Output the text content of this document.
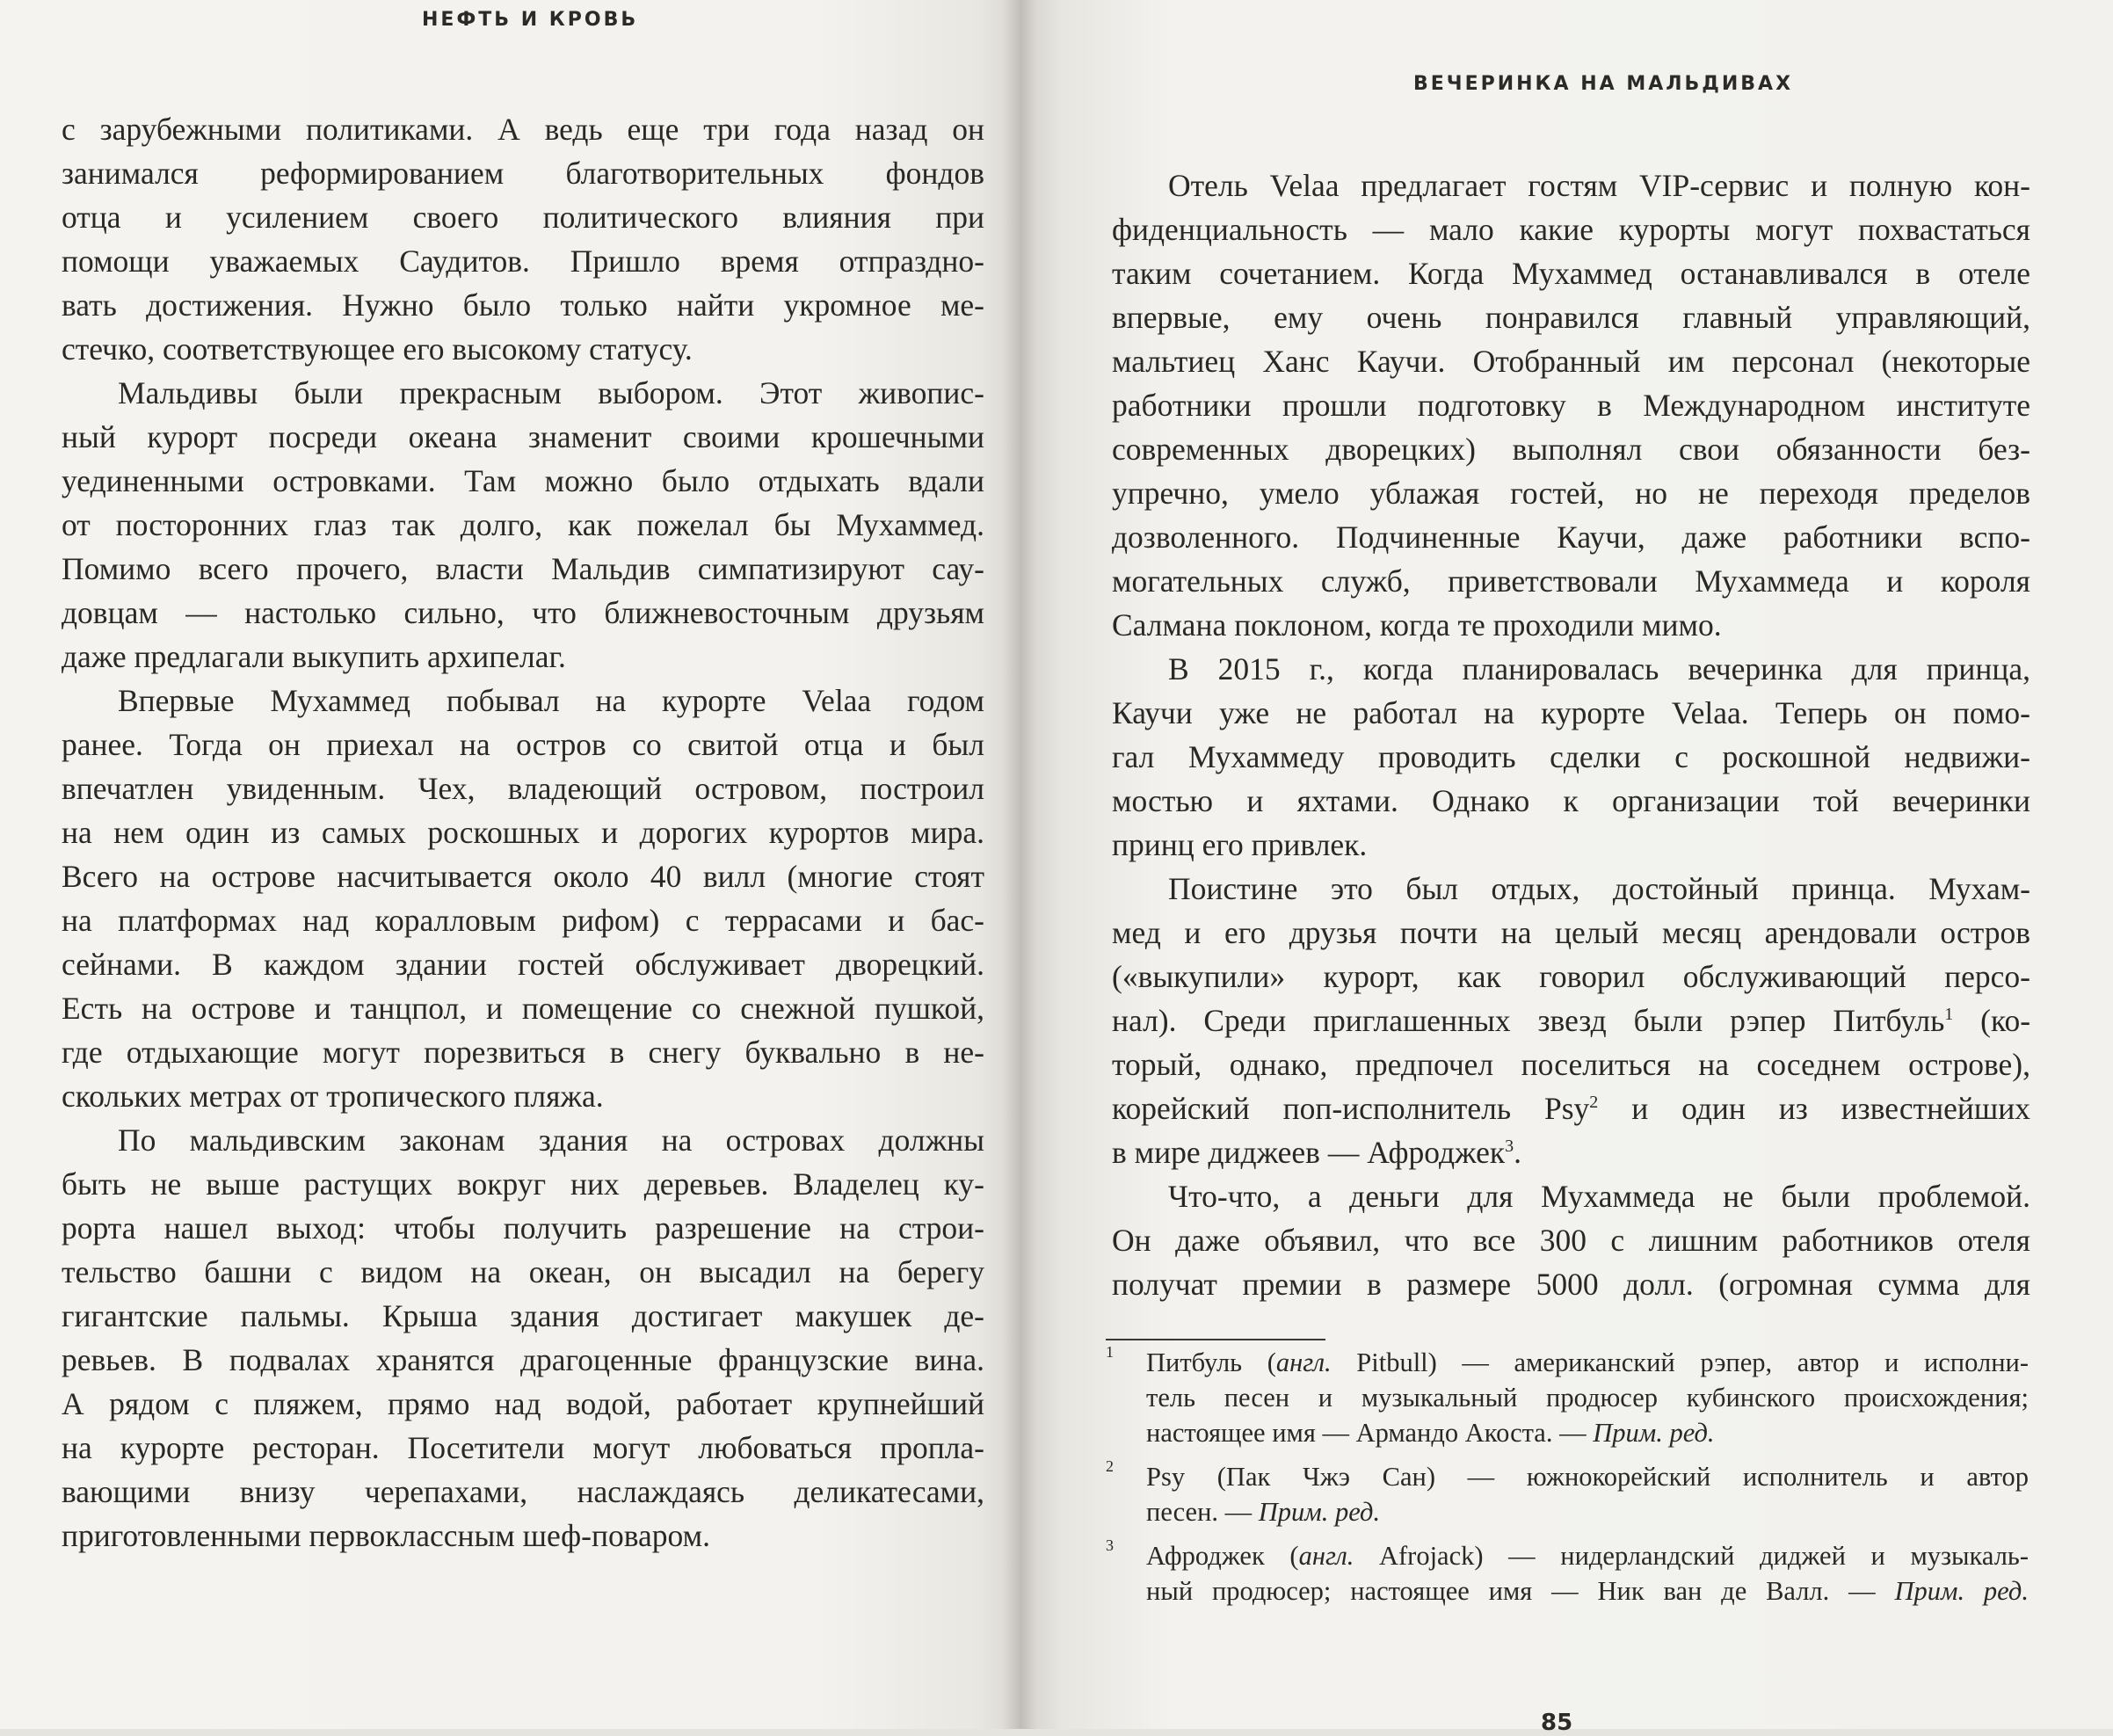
НЕФТЬ И КРОВЬ
ВЕЧЕРИНКА НА МАЛЬДИВАХ
с зарубежными политиками. А ведь еще три года назад он
занимался реформированием благотворительных фондов
отца и усилением своего политического влияния при
помощи уважаемых Саудитов. Пришло время отпраздно-
вать достижения. Нужно было только найти укромное ме-
стечко, соответствующее его высокому статусу.
Мальдивы были прекрасным выбором. Этот живопис-
ный курорт посреди океана знаменит своими крошечными
уединенными островками. Там можно было отдыхать вдали
от посторонних глаз так долго, как пожелал бы Мухаммед.
Помимо всего прочего, власти Мальдив симпатизируют сау-
довцам — настолько сильно, что ближневосточным друзьям
даже предлагали выкупить архипелаг.
Впервые Мухаммед побывал на курорте Velaa годом
ранее. Тогда он приехал на остров со свитой отца и был
впечатлен увиденным. Чех, владеющий островом, построил
на нем один из самых роскошных и дорогих курортов мира.
Всего на острове насчитывается около 40 вилл (многие стоят
на платформах над коралловым рифом) с террасами и бас-
сейнами. В каждом здании гостей обслуживает дворецкий.
Есть на острове и танцпол, и помещение со снежной пушкой,
где отдыхающие могут порезвиться в снегу буквально в не-
скольких метрах от тропического пляжа.
По мальдивским законам здания на островах должны
быть не выше растущих вокруг них деревьев. Владелец ку-
рорта нашел выход: чтобы получить разрешение на строи-
тельство башни с видом на океан, он высадил на берегу
гигантские пальмы. Крыша здания достигает макушек де-
ревьев. В подвалах хранятся драгоценные французские вина.
А рядом с пляжем, прямо над водой, работает крупнейший
на курорте ресторан. Посетители могут любоваться пропла-
вающими внизу черепахами, наслаждаясь деликатесами,
приготовленными первоклассным шеф-поваром.
Отель Velaa предлагает гостям VIP-сервис и полную кон-
фиденциальность — мало какие курорты могут похвастаться
таким сочетанием. Когда Мухаммед останавливался в отеле
впервые, ему очень понравился главный управляющий,
мальтиец Ханс Каучи. Отобранный им персонал (некоторые
работники прошли подготовку в Международном институте
современных дворецких) выполнял свои обязанности без-
упречно, умело ублажая гостей, но не переходя пределов
дозволенного. Подчиненные Каучи, даже работники вспо-
могательных служб, приветствовали Мухаммеда и короля
Салмана поклоном, когда те проходили мимо.
В 2015 г., когда планировалась вечеринка для принца,
Каучи уже не работал на курорте Velaa. Теперь он помо-
гал Мухаммеду проводить сделки с роскошной недвижи-
мостью и яхтами. Однако к организации той вечеринки
принц его привлек.
Поистине это был отдых, достойный принца. Мухам-
мед и его друзья почти на целый месяц арендовали остров
(«выкупили» курорт, как говорил обслуживающий персо-
нал). Среди приглашенных звезд были рэпер Питбуль$^1$ (ко-
торый, однако, предпочел поселиться на соседнем острове),
корейский поп-исполнитель Psy$^2$ и один из известнейших
в мире диджеев — Афроджек$^3$.
Что-что, а деньги для Мухаммеда не были проблемой.
Он даже объявил, что все 300 с лишним работников отеля
получат премии в размере 5000 долл. (огромная сумма для
1 Питбуль (англ. Pitbull) — американский рэпер, автор и исполни-
тель песен и музыкальный продюсер кубинского происхождения;
настоящее имя — Армандо Акоста. — Прим. ред.
2 Psy (Пак Чжэ Сан) — южнокорейский исполнитель и автор
песен. — Прим. ред.
3 Афроджек (англ. Afrojack) — нидерландский диджей и музыкаль-
ный продюсер; настоящее имя — Ник ван де Валл. — Прим. ред.
85
